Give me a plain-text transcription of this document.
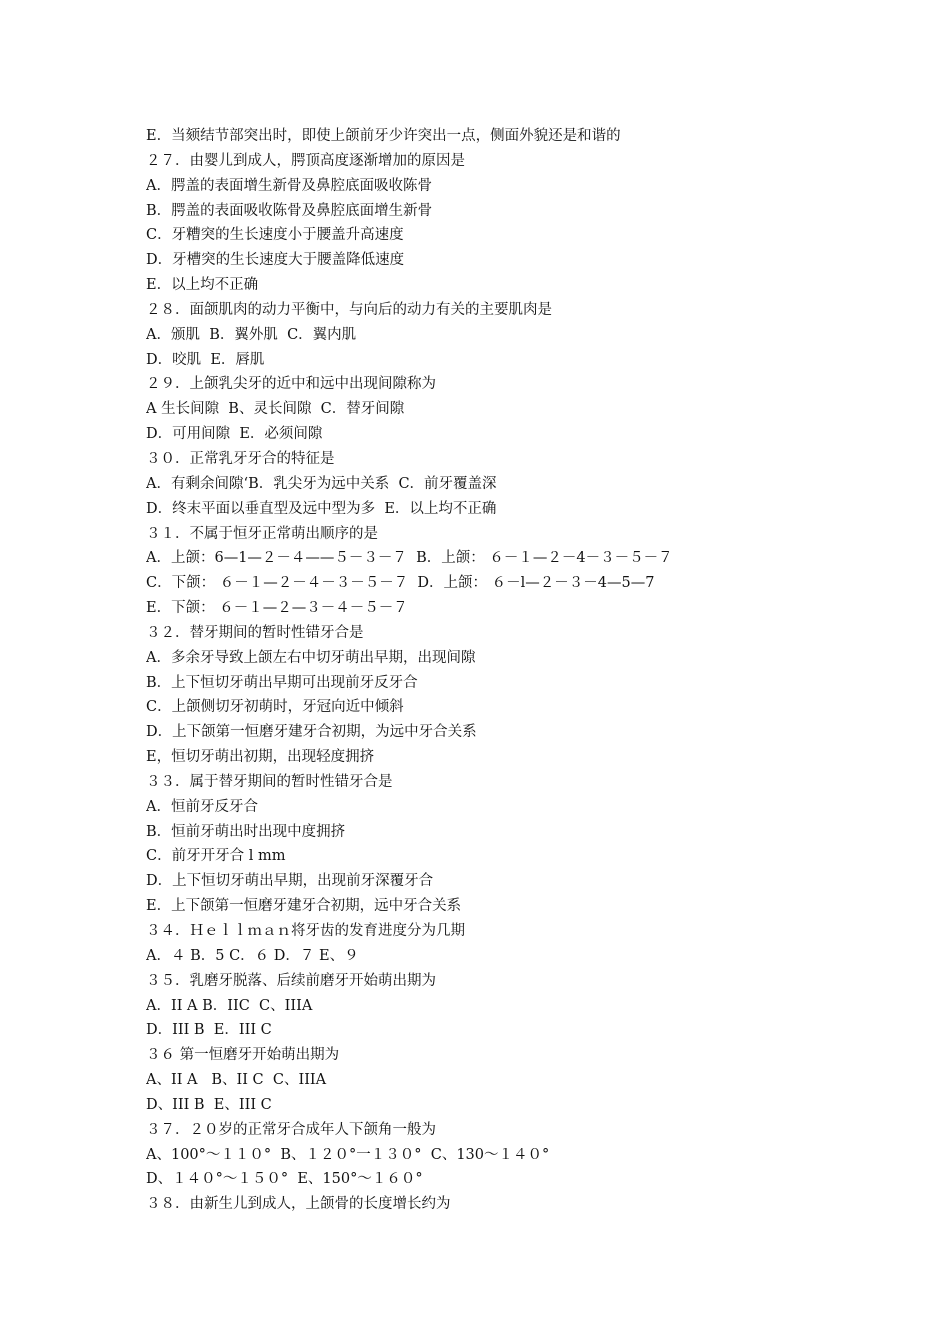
E．当颏结节部突出时，即使上颌前牙少许突出一点，侧面外貌还是和谐的
２７．由婴儿到成人，腭顶高度逐渐增加的原因是
A．腭盖的表面增生新骨及鼻腔底面吸收陈骨
B．腭盖的表面吸收陈骨及鼻腔底面增生新骨
C．牙糟突的生长速度小于腰盖升高速度
D．牙槽突的生长速度大于腰盖降低速度
E．以上均不正确
２８．面颌肌肉的动力平衡中，与向后的动力有关的主要肌肉是
A．颁肌  B．翼外肌  C．翼内肌
D．咬肌  E．唇肌
２９．上颌乳尖牙的近中和远中出现间隙称为
A 生长间隙  B、灵长间隙  C．替牙间隙
D．可用间隙  E．必须间隙
３０．正常乳牙牙合的特征是
A．有剩余间隙‘B．乳尖牙为远中关系  C．前牙覆盖深
D．终末平面以垂直型及远中型为多  E．以上均不正确
３１．不属于恒牙正常萌出顺序的是
A．上颌：6—1—２－４——５－３－７  B．上颌： ６－１—２－4－３－５－７
C．下颌： ６－１—２－４－３－５－７  D．上颌： ６－l—２－３－4—5—7
E．下颌： ６－１—２—３－４－５－７
３２．替牙期间的暂时性错牙合是
A．多余牙导致上颌左右中切牙萌出早期，出现间隙
B．上下恒切牙萌出早期可出现前牙反牙合
C．上颌侧切牙初萌时，牙冠向近中倾斜
D．上下颌第一恒磨牙建牙合初期，为远中牙合关系
E，恒切牙萌出初期，出现轻度拥挤
３３．属于替牙期间的暂时性错牙合是
A．恒前牙反牙合
B．恒前牙萌出时出现中度拥挤
C．前牙开牙合 l mm
D．上下恒切牙萌出早期，出现前牙深覆牙合
E．上下颌第一恒磨牙建牙合初期，远中牙合关系
３４．Ｈｅｌｌｍａｎ将牙齿的发育进度分为几期
A．４ B．5 C．６ D．７ E、９
３５．乳磨牙脱落、后续前磨牙开始萌出期为
A．II A B．IIC  C、IIIA
D．III B  E．III C
３６ 第一恒磨牙开始萌出期为
A、II A   B、II C  C、IIIA
D、III B  E、III C
３７．２０岁的正常牙合成年人下颌角一般为
A、100°～１１０°  B、１２０°一１３０°  C、130～１４０°
D、１４０°～１５０°  E、150°～１６０°
３８．由新生儿到成人，上颌骨的长度增长约为
